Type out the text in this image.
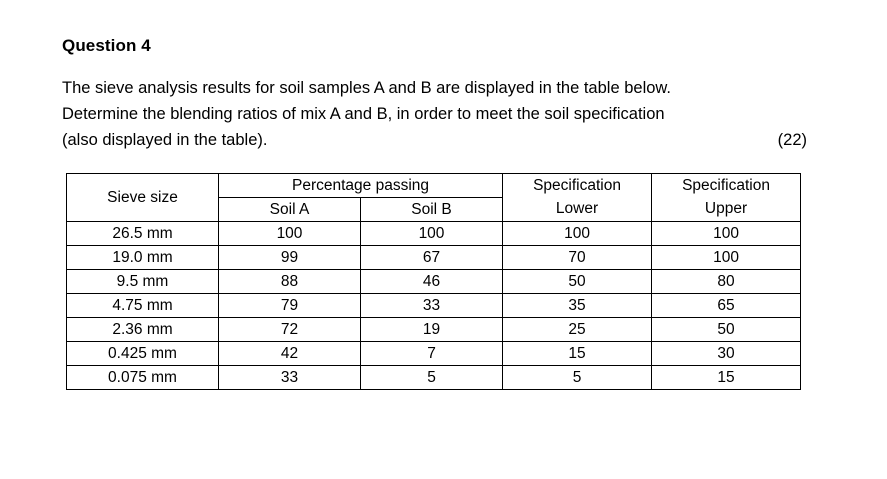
Question 4
The sieve analysis results for soil samples A and B are displayed in the table below.
Determine the blending ratios of mix A and B, in order to meet the soil specification
(also displayed in the table).	(22)
Sieve size	Percentage passing		Specification	Specification
	Soil A	Soil B	Lower	Upper
26.5 mm	100	100	100	100
19.0 mm	99	67	70	100
9.5 mm	88	46	50	80
4.75 mm	79	33	35	65
2.36 mm	72	19	25	50
0.425 mm	42	7	15	30
0.075 mm	33	5	5	15
